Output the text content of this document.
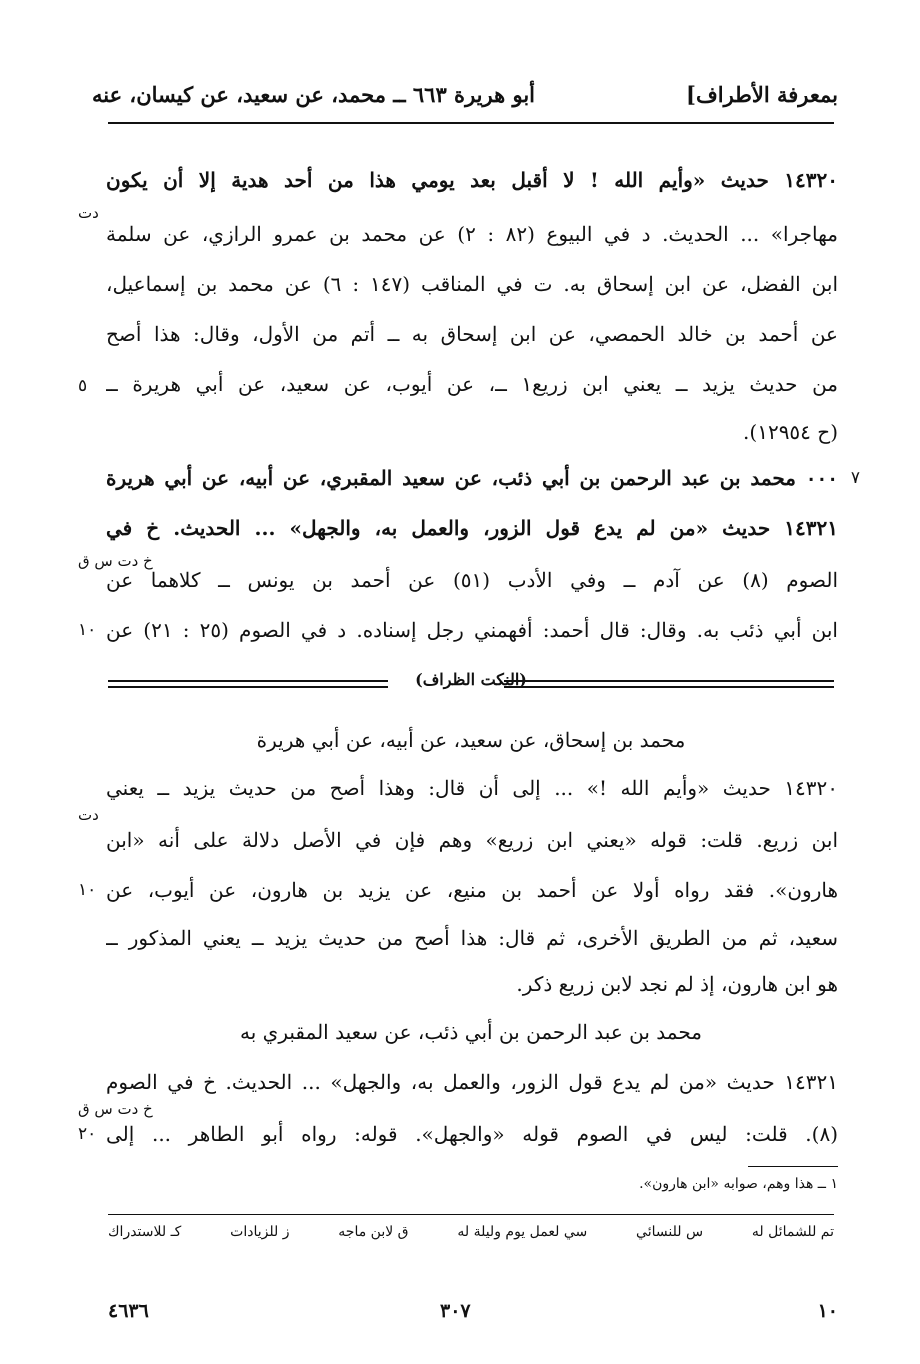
بمعرفة الأطراف]
أبو هريرة ٦٦٣ ــ محمد، عن سعيد، عن كيسان، عنه
١٤٣٢٠ حديث «وأيم الله ! لا أقبل بعد يومي هذا من أحد هدية إلا أن يكون
دت
مهاجرا» ... الحديث. د في البيوع (٨٢ : ٢) عن محمد بن عمرو الرازي، عن سلمة
ابن الفضل، عن ابن إسحاق به. ت في المناقب (١٤٧ : ٦) عن محمد بن إسماعيل،
عن أحمد بن خالد الحمصي، عن ابن إسحاق به ــ أتم من الأول، وقال: هذا أصح
من حديث يزيد ــ يعني ابن زريع١ ــ، عن أيوب، عن سعيد، عن أبي هريرة ــ
٥
(ح ١٢٩٥٤).
٧
٠٠٠ محمد بن عبد الرحمن بن أبي ذئب، عن سعيد المقبري، عن أبيه، عن أبي هريرة
١٤٣٢١ حديث «من لم يدع قول الزور، والعمل به، والجهل» ... الحديث. خ في
خ دت س ق
الصوم (٨) عن آدم ــ وفي الأدب (٥١) عن أحمد بن يونس ــ كلاهما عن
ابن أبي ذئب به. وقال: قال أحمد: أفهمني رجل إسناده. د في الصوم (٢٥ : ٢١) عن
١٠
(النكت الظراف)
محمد بن إسحاق، عن سعيد، عن أبيه، عن أبي هريرة
١٤٣٢٠ حديث «وأيم الله !» ... إلى أن قال: وهذا أصح من حديث يزيد ــ يعني
دت
ابن زريع. قلت: قوله «يعني ابن زريع» وهم فإن في الأصل دلالة على أنه «ابن
هارون». فقد رواه أولا عن أحمد بن منيع، عن يزيد بن هارون، عن أيوب، عن
١٠
سعيد، ثم من الطريق الأخرى، ثم قال: هذا أصح من حديث يزيد ــ يعني المذكور ــ
هو ابن هارون، إذ لم نجد لابن زريع ذكر.
محمد بن عبد الرحمن بن أبي ذئب، عن سعيد المقبري به
١٤٣٢١ حديث «من لم يدع قول الزور، والعمل به، والجهل» ... الحديث. خ في الصوم
خ دت س ق
(٨). قلت: ليس في الصوم قوله «والجهل». قوله: رواه أبو الطاهر ... إلى
٢٠
١ ــ هذا وهم، صوابه «ابن هارون».
تم للشمائل له
س للنسائي
سي لعمل يوم وليلة له
ق لابن ماجه
ز للزيادات
كـ للاستدراك
١٠
٣٠٧
٤٦٣٦
